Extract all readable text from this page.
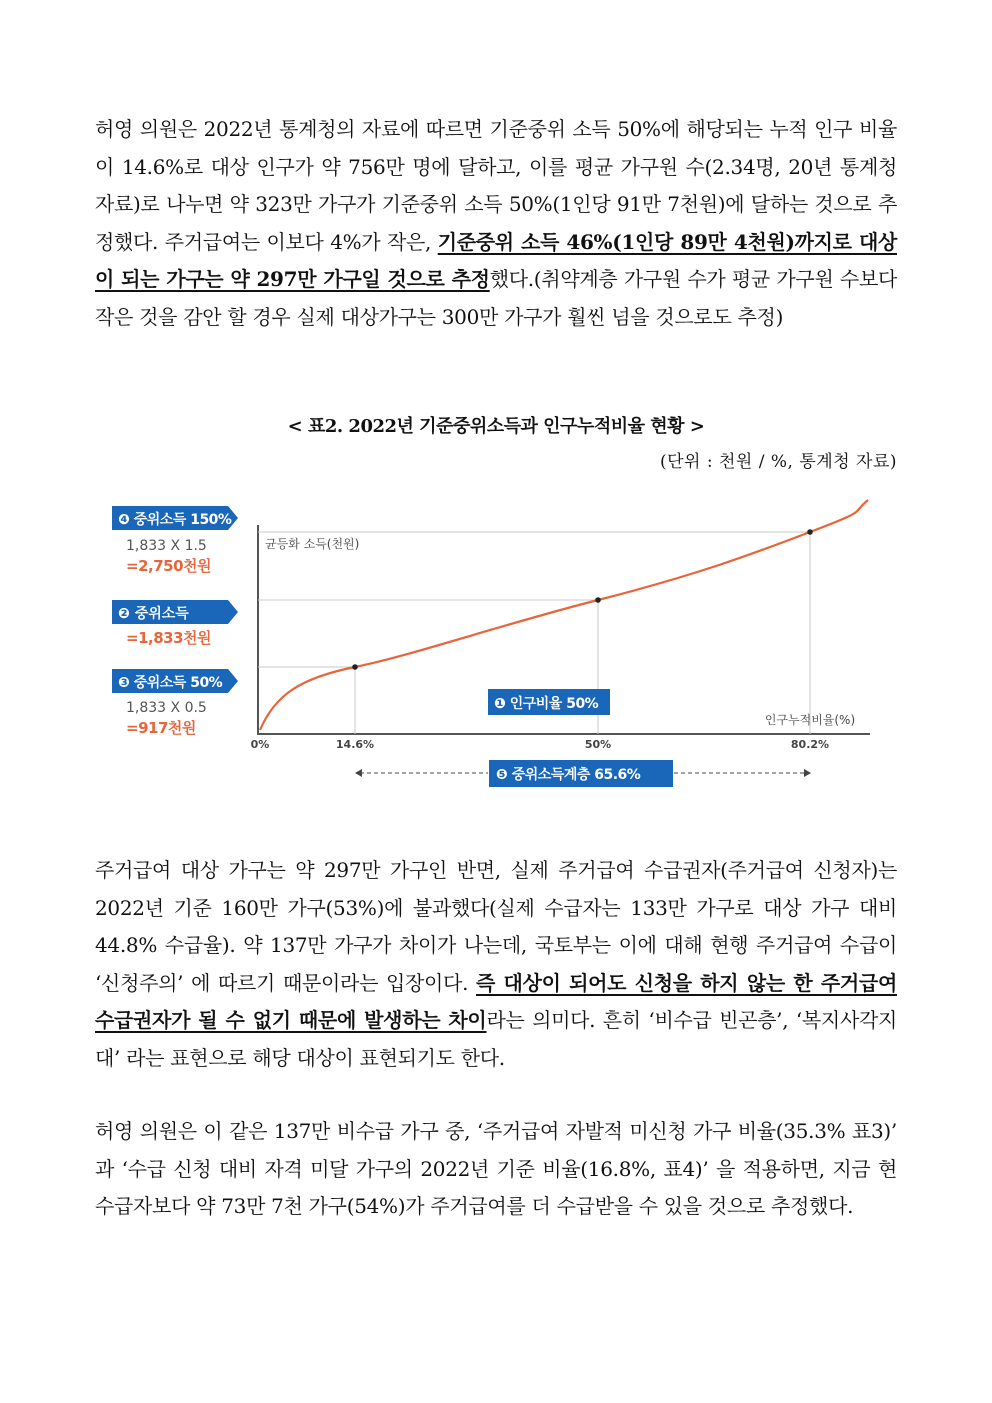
허영 의원은 2022년 통계청의 자료에 따르면 기준중위 소득 50%에 해당되는 누적 인구 비율이 14.6%로 대상 인구가 약 756만 명에 달하고, 이를 평균 가구원 수(2.34명, 20년 통계청 자료)로 나누면 약 323만 가구가 기준중위 소득 50%(1인당 91만 7천원)에 달하는 것으로 추정했다. 주거급여는 이보다 4%가 작은, 기준중위 소득 46%(1인당 89만 4천원)까지로 대상이 되는 가구는 약 297만 가구일 것으로 추정했다.(취약계층 가구원 수가 평균 가구원 수보다 작은 것을 감안 할 경우 실제 대상가구는 300만 가구가 훨씬 넘을 것으로도 추정)
< 표2. 2022년 기준중위소득과 인구누적비율 현황 >
(단위 : 천원 / %, 통계청 자료)
균등화 소득(천원)
인구누적비율(%)
0%	14.6%	50%	80.2%
❹ 중위소득 150%
1,833 X 1.5
=2,750천원
❷ 중위소득
=1,833천원
❸ 중위소득 50%
1,833 X 0.5
=917천원
❶ 인구비율 50%
❺ 중위소득계층 65.6%
주거급여 대상 가구는 약 297만 가구인 반면, 실제 주거급여 수급권자(주거급여 신청자)는 2022년 기준 160만 가구(53%)에 불과했다(실제 수급자는 133만 가구로 대상 가구 대비 44.8% 수급율). 약 137만 가구가 차이가 나는데, 국토부는 이에 대해 현행 주거급여 수급이 ‘신청주의’ 에 따르기 때문이라는 입장이다. 즉 대상이 되어도 신청을 하지 않는 한 주거급여 수급권자가 될 수 없기 때문에 발생하는 차이라는 의미다. 흔히 ‘비수급 빈곤층’, ‘복지사각지대’ 라는 표현으로 해당 대상이 표현되기도 한다.
허영 의원은 이 같은 137만 비수급 가구 중, ‘주거급여 자발적 미신청 가구 비율(35.3% 표3)’ 과 ‘수급 신청 대비 자격 미달 가구의 2022년 기준 비율(16.8%, 표4)’ 을 적용하면, 지금 현 수급자보다 약 73만 7천 가구(54%)가 주거급여를 더 수급받을 수 있을 것으로 추정했다.
